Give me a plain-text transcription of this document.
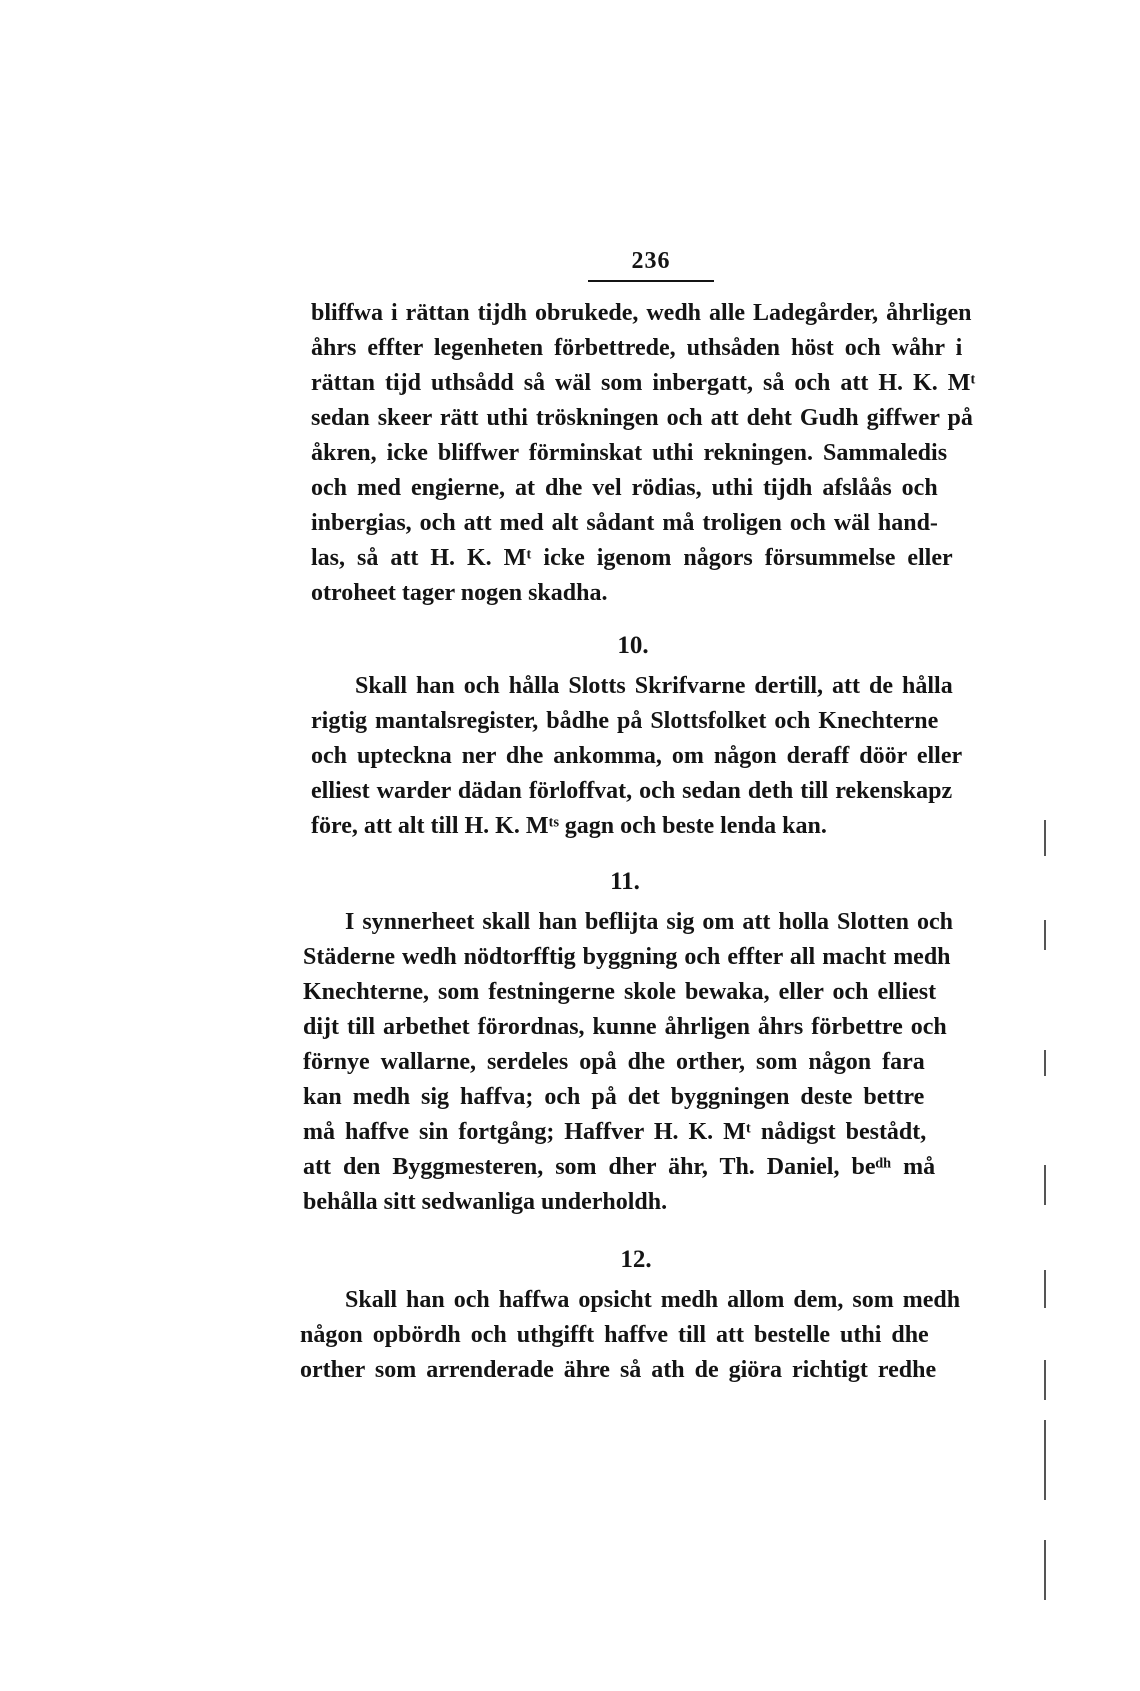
236
bliffwa i rättan tijdh obrukede, wedh alle Ladegårder, åhrligen
åhrs effter legenheten förbettrede, uthsåden höst och wåhr i
rättan tijd uthsådd så wäl som inbergatt, så och att H. K. Mᵗ
sedan skeer rätt uthi tröskningen och att deht Gudh giffwer på
åkren, icke bliffwer förminskat uthi rekningen. Sammaledis
och med engierne, at dhe vel rödias, uthi tijdh afslåås och
inbergias, och att med alt sådant må troligen och wäl hand-
las, så att H. K. Mᵗ icke igenom någors försummelse eller
otroheet tager nogen skadha.
10.
Skall han och hålla Slotts Skrifvarne dertill, att de hålla
rigtig mantalsregister, bådhe på Slottsfolket och Knechterne
och upteckna ner dhe ankomma, om någon deraff döör eller
elliest warder dädan förloffvat, och sedan deth till rekenskapz
före, att alt till H. K. Mᵗˢ gagn och beste lenda kan.
11.
I synnerheet skall han beflijta sig om att holla Slotten och
Städerne wedh nödtorfftig byggning och effter all macht medh
Knechterne, som festningerne skole bewaka, eller och elliest
dijt till arbethet förordnas, kunne åhrligen åhrs förbettre och
förnye wallarne, serdeles opå dhe orther, som någon fara
kan medh sig haffva; och på det byggningen deste bettre
må haffve sin fortgång; Haffver H. K. Mᵗ nådigst bestådt,
att den Byggmesteren, som dher ähr, Th. Daniel, beᵈʰ må
behålla sitt sedwanliga underholdh.
12.
Skall han och haffwa opsicht medh allom dem, som medh
någon opbördh och uthgifft haffve till att bestelle uthi dhe
orther som arrenderade ähre så ath de giöra richtigt redhe
